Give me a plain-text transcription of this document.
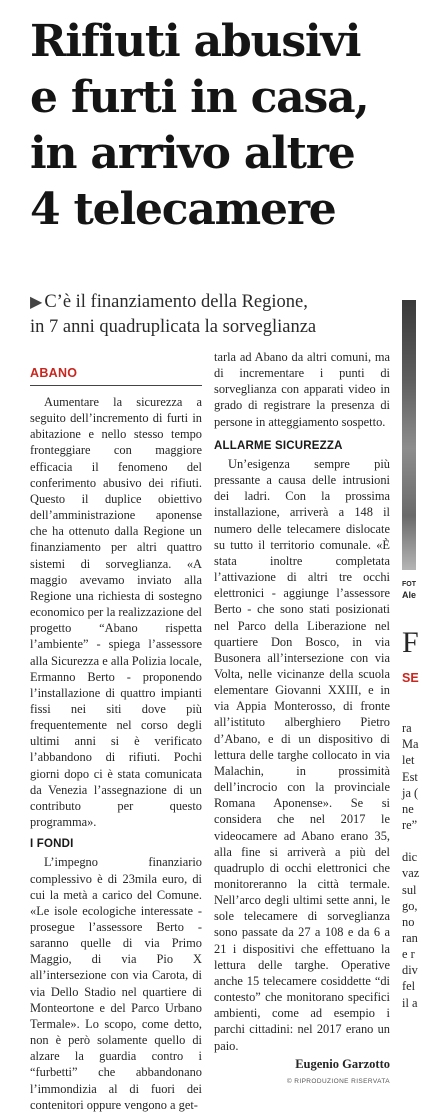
Rifiuti abusivi
e furti in casa,
in arrivo altre
4 telecamere
▶ C’è il finanziamento della Regione,
in 7 anni quadruplicata la sorveglianza
ABANO

Aumentare la sicurezza a seguito dell’incremento di furti in abitazione e nello stesso tempo fronteggiare con maggiore efficacia il fenomeno del conferimento abusivo dei rifiuti. Questo il duplice obiettivo dell’amministrazione aponense che ha ottenuto dalla Regione un finanziamento per altri quattro sistemi di sorveglianza. «A maggio avevamo inviato alla Regione una richiesta di sostegno economico per la realizzazione del progetto “Abano rispetta l’ambiente” - spiega l’assessore alla Sicurezza e alla Polizia locale, Ermanno Berto - proponendo l’installazione di quattro impianti fissi nei siti dove più frequentemente nel corso degli ultimi anni si è verificato l’abbandono di rifiuti. Pochi giorni dopo ci è stata comunicata da Venezia l’assegnazione di un contributo per questo programma».

I FONDI

L’impegno finanziario complessivo è di 23mila euro, di cui la metà a carico del Comune. «Le isole ecologiche interessate - prosegue l’assessore Berto - saranno quelle di via Primo Maggio, di via Pio X all’intersezione con via Carota, di via Dello Stadio nel quartiere di Monteortone e del Parco Urbano Termale». Lo scopo, come detto, non è però solamente quello di alzare la guardia contro i “furbetti” che abbandonano l’immondizia al di fuori dei contenitori oppure vengono a get-

tarla ad Abano da altri comuni, ma di incrementare i punti di sorveglianza con apparati video in grado di registrare la presenza di persone in atteggiamento sospetto.

ALLARME SICUREZZA

Un’esigenza sempre più pressante a causa delle intrusioni dei ladri. Con la prossima installazione, arriverà a 148 il numero delle telecamere dislocate su tutto il territorio comunale. «È stata inoltre completata l’attivazione di altri tre occhi elettronici - aggiunge l’assessore Berto - che sono stati posizionati nel Parco della Liberazione nel quartiere Don Bosco, in via Busonera all’intersezione con via Volta, nelle vicinanze della scuola elementare Giovanni XXIII, e in via Appia Monterosso, di fronte all’istituto alberghiero Pietro d’Abano, e di un dispositivo di lettura delle targhe collocato in via Malachin, in prossimità dell’incrocio con la provinciale Romana Aponense». Se si considera che nel 2017 le videocamere ad Abano erano 35, alla fine si arriverà a più del quadruplo di occhi elettronici che monitoreranno la città termale. Nell’arco degli ultimi sette anni, le sole telecamere di sorveglianza sono passate da 27 a 108 e da 6 a 21 i dispositivi che effettuano la lettura delle targhe. Operative anche 15 telecamere cosiddette “di contesto” che monitorano specifici ambienti, come ad esempio i parchi cittadini: nel 2017 erano un paio.

Eugenio Garzotto
© RIPRODUZIONE RISERVATA
FOT
Ale
F
SE
ra
Ma
let
Est
ja (
ne
re”
dic
vaz
sul
go,
no
ran
e r
div
fel
il a
